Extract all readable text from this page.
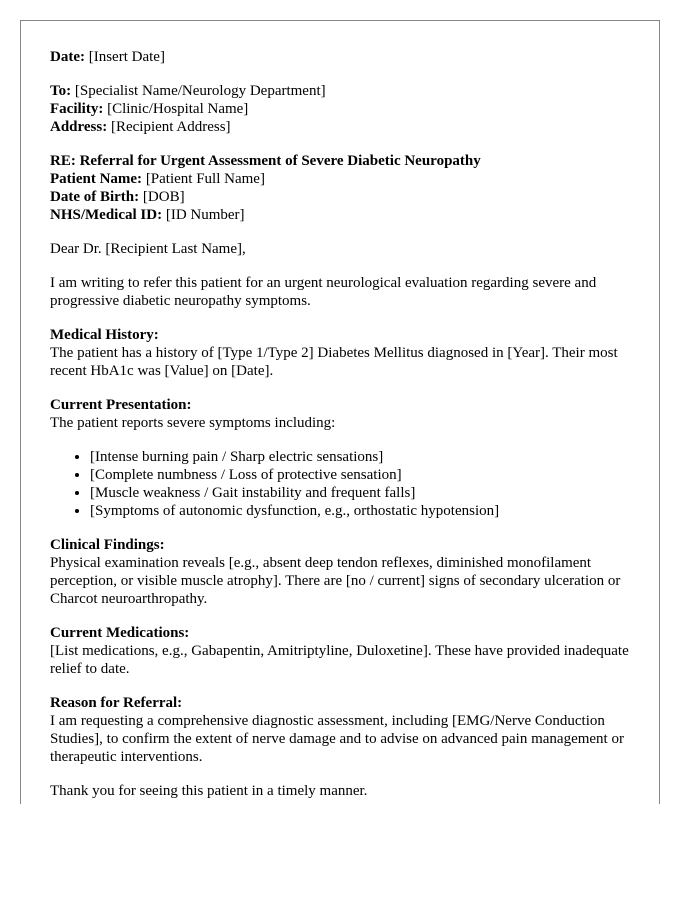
Date: [Insert Date]

To: [Specialist Name/Neurology Department]

Facility: [Clinic/Hospital Name]

Address: [Recipient Address]

RE: Referral for Urgent Assessment of Severe Diabetic Neuropathy

Patient Name: [Patient Full Name]

Date of Birth: [DOB]

NHS/Medical ID: [ID Number]

Dear Dr. [Recipient Last Name],

I am writing to refer this patient for an urgent neurological evaluation regarding severe and progressive diabetic neuropathy symptoms.

Medical History:

The patient has a history of [Type 1/Type 2] Diabetes Mellitus diagnosed in [Year]. Their most recent HbA1c was [Value] on [Date].

Current Presentation:

The patient reports severe symptoms including:

• [Intense burning pain / Sharp electric sensations]
• [Complete numbness / Loss of protective sensation]
• [Muscle weakness / Gait instability and frequent falls]
• [Symptoms of autonomic dysfunction, e.g., orthostatic hypotension]

Clinical Findings:

Physical examination reveals [e.g., absent deep tendon reflexes, diminished monofilament perception, or visible muscle atrophy]. There are [no / current] signs of secondary ulceration or Charcot neuroarthropathy.

Current Medications:

[List medications, e.g., Gabapentin, Amitriptyline, Duloxetine]. These have provided inadequate relief to date.

Reason for Referral:

I am requesting a comprehensive diagnostic assessment, including [EMG/Nerve Conduction Studies], to confirm the extent of nerve damage and to advise on advanced pain management or therapeutic interventions.

Thank you for seeing this patient in a timely manner.
